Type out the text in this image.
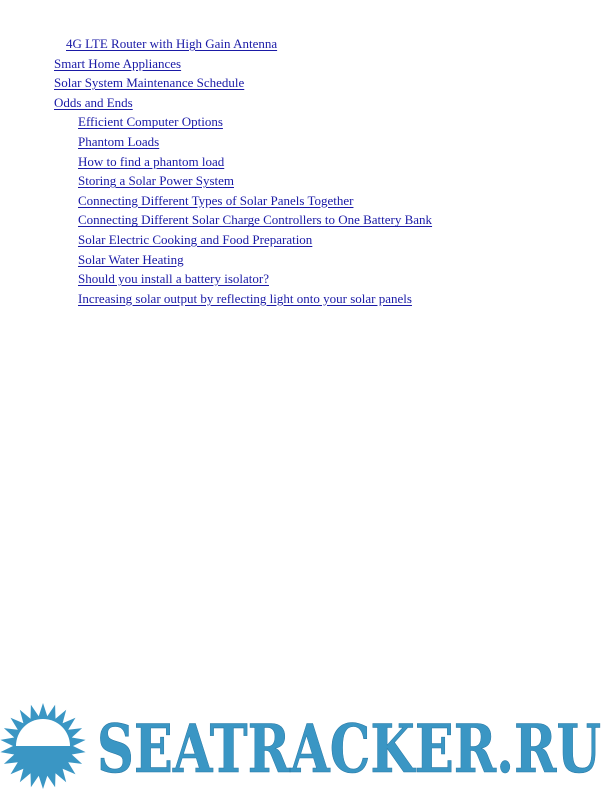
4G LTE Router with High Gain Antenna
Smart Home Appliances
Solar System Maintenance Schedule
Odds and Ends
Efficient Computer Options
Phantom Loads
How to find a phantom load
Storing a Solar Power System
Connecting Different Types of Solar Panels Together
Connecting Different Solar Charge Controllers to One Battery Bank
Solar Electric Cooking and Food Preparation
Solar Water Heating
Should you install a battery isolator?
Increasing solar output by reflecting light onto your solar panels
SEATRACKER.RU
